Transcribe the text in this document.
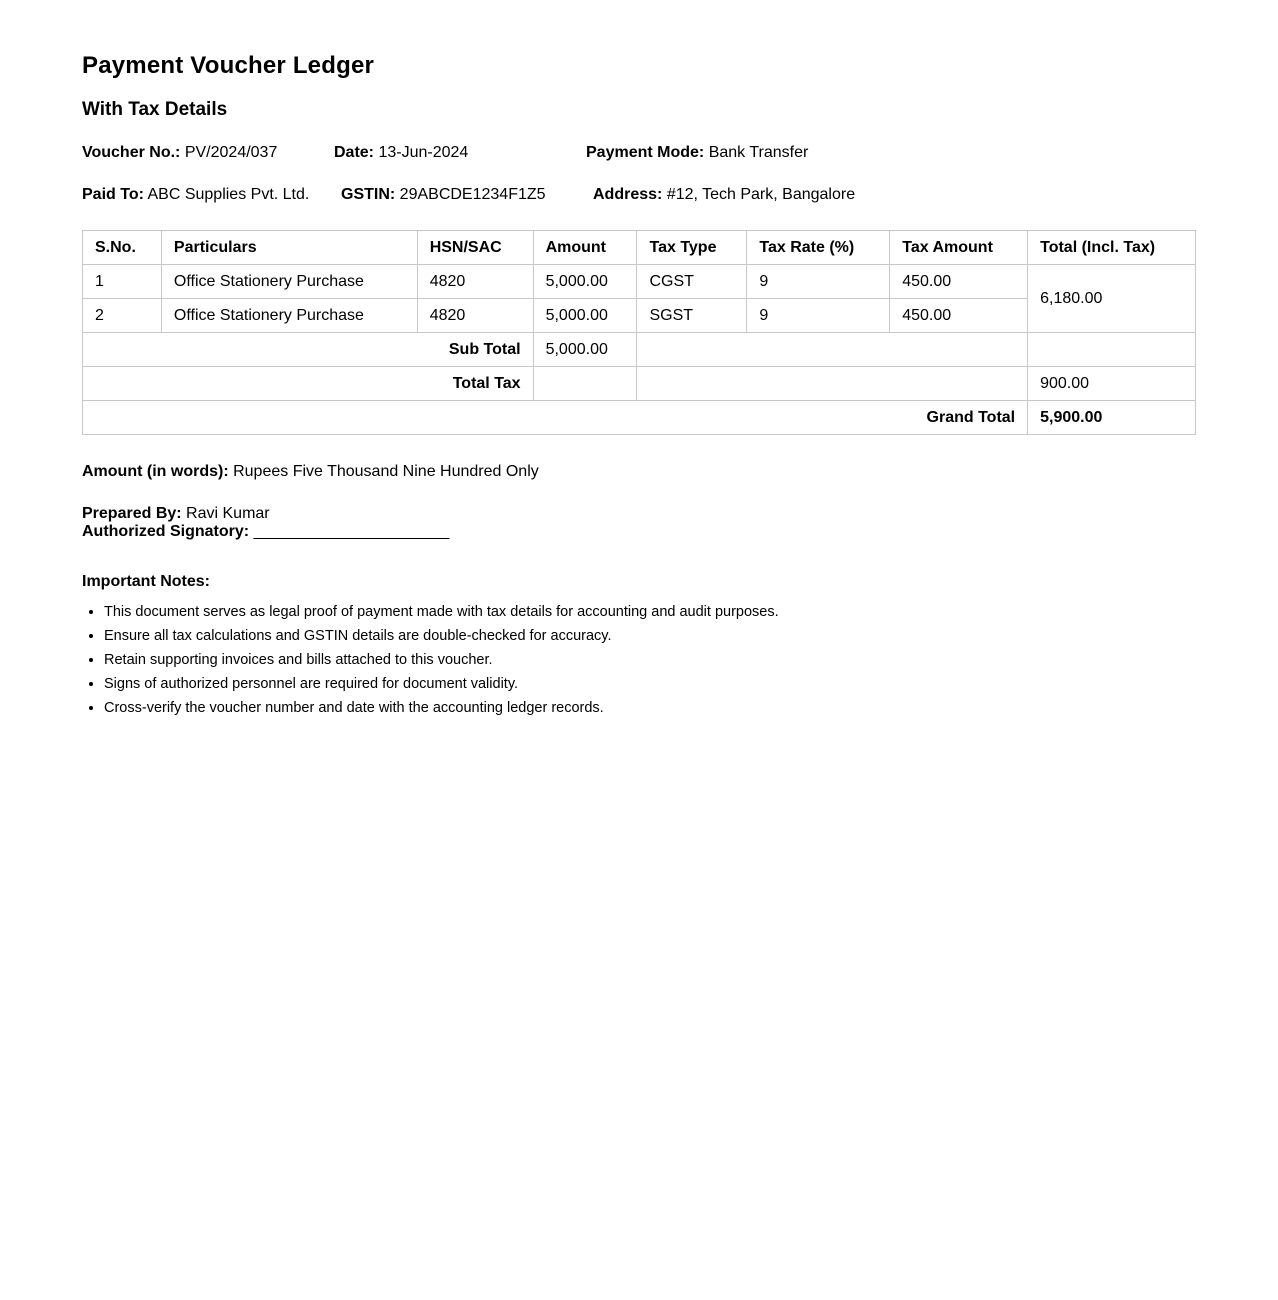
Payment Voucher Ledger
With Tax Details
Voucher No.: PV/2024/037	Date: 13-Jun-2024	Payment Mode: Bank Transfer
Paid To: ABC Supplies Pvt. Ltd. GSTIN: 29ABCDE1234F1Z5	Address: #12, Tech Park, Bangalore
S.No.	Particulars	HSN/SAC	Amount	Tax Type	Tax Rate (%)	Tax Amount	Total (Incl. Tax)
1	Office Stationery Purchase	4820	5,000.00	CGST	9	450.00	6,180.00
2	Office Stationery Purchase	4820	5,000.00	SGST	9	450.00	
Sub Total			5,000.00				
Total Tax							900.00
Grand Total							5,900.00
Amount (in words): Rupees Five Thousand Nine Hundred Only
Prepared By: Ravi Kumar
Authorized Signatory: ______________________
Important Notes:
• This document serves as legal proof of payment made with tax details for accounting and audit purposes.
• Ensure all tax calculations and GSTIN details are double-checked for accuracy.
• Retain supporting invoices and bills attached to this voucher.
• Signs of authorized personnel are required for document validity.
• Cross-verify the voucher number and date with the accounting ledger records.
